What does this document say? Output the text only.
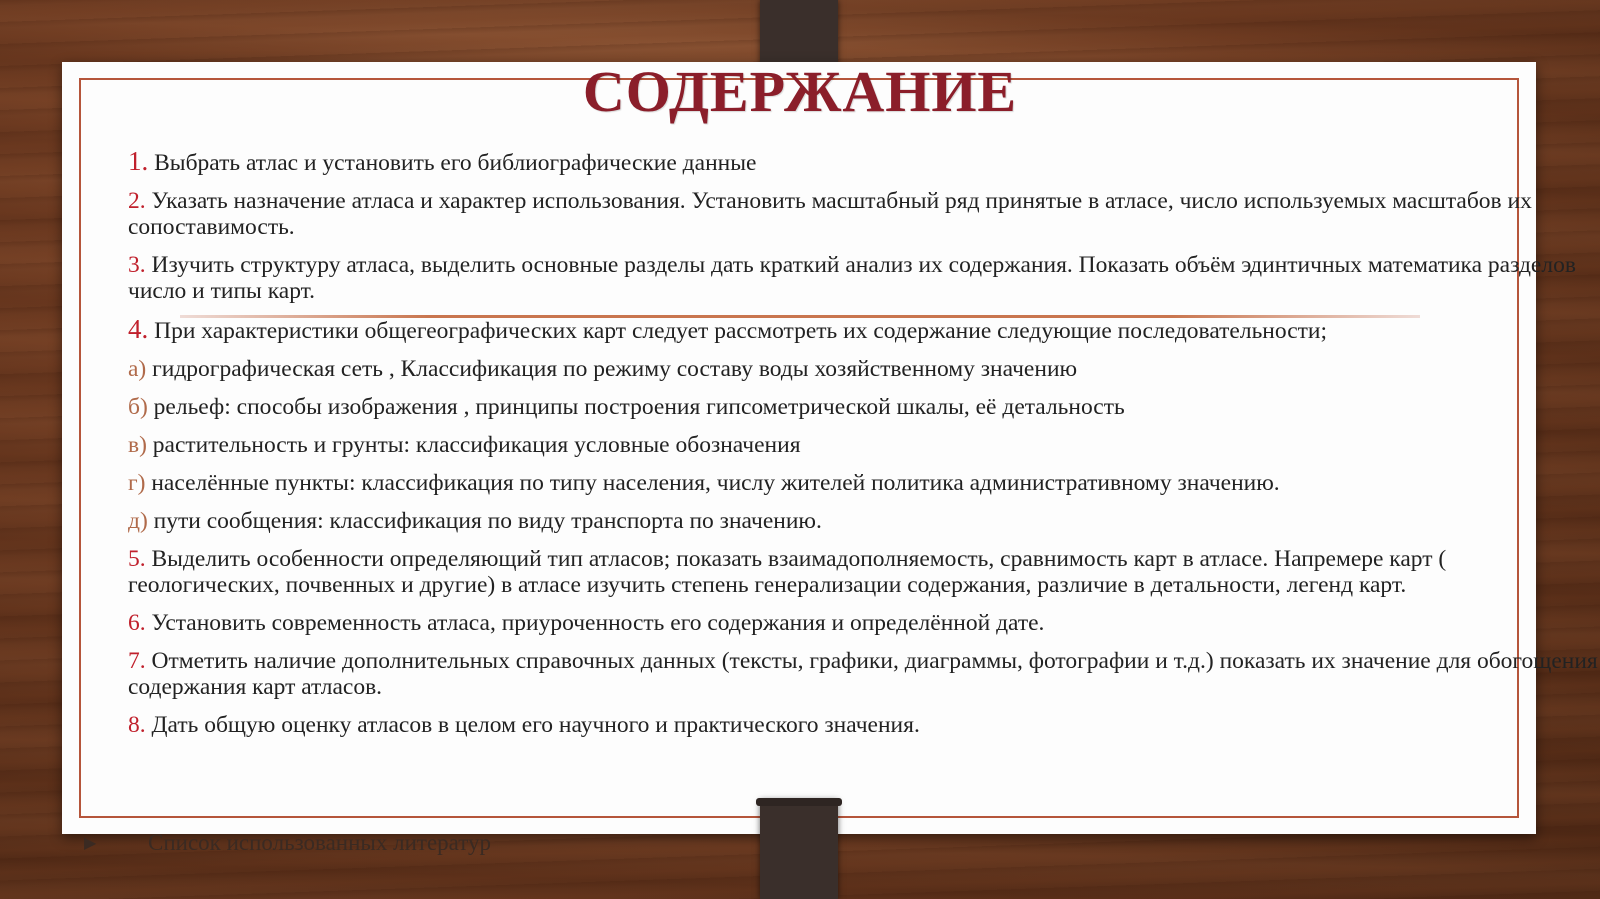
СОДЕРЖАНИЕ
1. Выбрать атлас и установить его библиографические данные
2. Указать назначение атласа и характер использования. Установить масштабный ряд принятые в атласе, число используемых масштабов их сопоставимость.
3. Изучить структуру атласа, выделить основные разделы дать краткий анализ их содержания. Показать объём эдинтичных математика разделов число и типы карт.
4. При характеристики общегеографических карт следует рассмотреть их содержание следующие последовательности;
а) гидрографическая сеть , Классификация по режиму составу воды хозяйственному значению
б) рельеф: способы изображения , принципы построения гипсометрической шкалы, её детальность
в) растительность и грунты: классификация условные обозначения
г) населённые пункты: классификация по типу населения, числу жителей политика административному значению.
д) пути сообщения: классификация по виду транспорта по значению.
5. Выделить особенности определяющий тип атласов; показать взаимадополняемость, сравнимость карт в атласе. Напремере карт ( геологических, почвенных и другие) в атласе изучить степень генерализации содержания, различие в детальности, легенд карт.
6. Установить современность атласа, приуроченность его содержания и определённой дате.
7. Отметить наличие дополнительных справочных данных (тексты, графики, диаграммы, фотографии и т.д.) показать их значение для обогощения содержания карт атласов.
8. Дать общую оценку атласов в целом его научного и практического значения.
▶ Список использованных литератур
